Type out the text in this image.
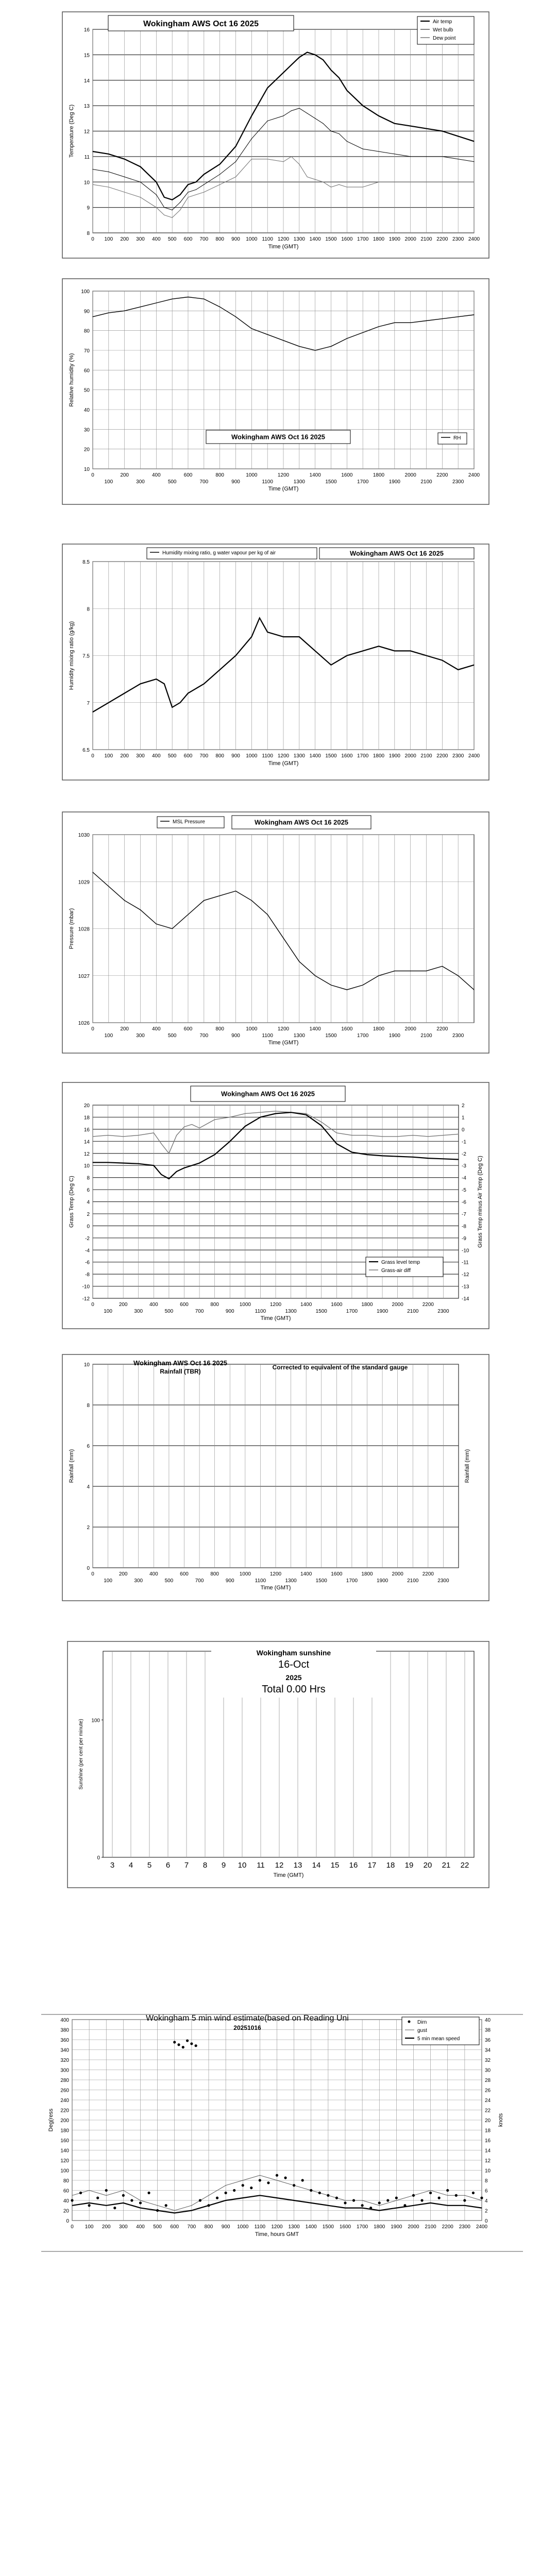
8
9
10
11
12
13
14
15
16
0 100 200 300 400 500 600 700 800 900 1000 1100 1200 1300 1400 1500 1600 1700 1800 1900 2000 2100 2200 2300 2400
Time (GMT)
Temperature (Deg C)
Wokingham AWS Oct 16 2025	Air temp
Wet bulb
Dew point
10
20
30
40
50
60
70
80
90
100
0
100
200
300
400
500
600
700
800
900
1000
1100
1200
1300
1400
1500
1600
1700
1800
1900
2000
2100
2200
2300
2400
Time (GMT)
Relative humidity (%)
Wokingham AWS Oct 16 2025	RH
6.5
7
7.5
8
8.5
0 100 200 300 400 500 600 700 800 900 1000 1100 1200 1300 1400 1500 1600 1700 1800 1900 2000 2100 2200 2300 2400
Time (GMT)
Humidity mixing ratio (g/kg)
Humidity mixing ratio, g water vapour per kg of air	Wokingham AWS Oct 16 2025
1026
1027
1028
1029
1030
0
100
200
300
400
500
600
700
800
900
1000
1100
1200
1300
1400
1500
1600
1700
1800
1900
2000
2100
2200
2300
Time (GMT)
Pressure (mbar)
MSL Pressure	Wokingham AWS Oct 16 2025
-12
-10
-8
-6
-4
-2
0
2
4
6
8
10
12
14
16
18
20
-14
-13
-12
-11
-10
-9
-8
-7
-6
-5
-4
-3
-2
-1
0
1
2
0
100
200
300
400
500
600
700
800
900
1000
1100
1200
1300
1400
1500
1600
1700
1800
1900
2000
2100
2200
2300
Time (GMT)
Grass Temp (Deg C)	Grass Temp minus Air Temp (Deg C)
Wokingham AWS Oct 16 2025
Grass level temp
Grass-air diff
0
2
4
6
8
10
0
100
200
300
400
500
600
700
800
900
1000
1100
1200
1300
1400
1500
1600
1700
1800
1900
2000
2100
2200
2300
Time (GMT)
Rainfall (mm)	Rainfall (mm)
Wokingham AWS Oct 16 2025
Rainfall (TBR)
Corrected to equivalent of the standard gauge
3 4 5 6 7 8 9 10 11 12 13 14 15 16 17 18 19 20 21 22
0
100
Time (GMT)
Sunshine (per cent per minute)
Wokingham sunshine
16-Oct
2025
Total 0.00 Hrs
0
20
40
60
80
100
120
140
160
180
200
220
240
260
280
300
320
340
360
380
400
0
2
4
6
8
10
12
14
16
18
20
22
24
26
28
30
32
34
36
38
40
0 100 200 300 400 500 600 700 800 900 1000 1100 1200 1300 1400 1500 1600 1700 1800 1900 2000 2100 2200 2300 2400
Time, hours GMT
Deg(ress	knots
Wokingham 5 min wind estimate(based on Reading Uni
20251016
Dirn
gust
5 min mean speed
